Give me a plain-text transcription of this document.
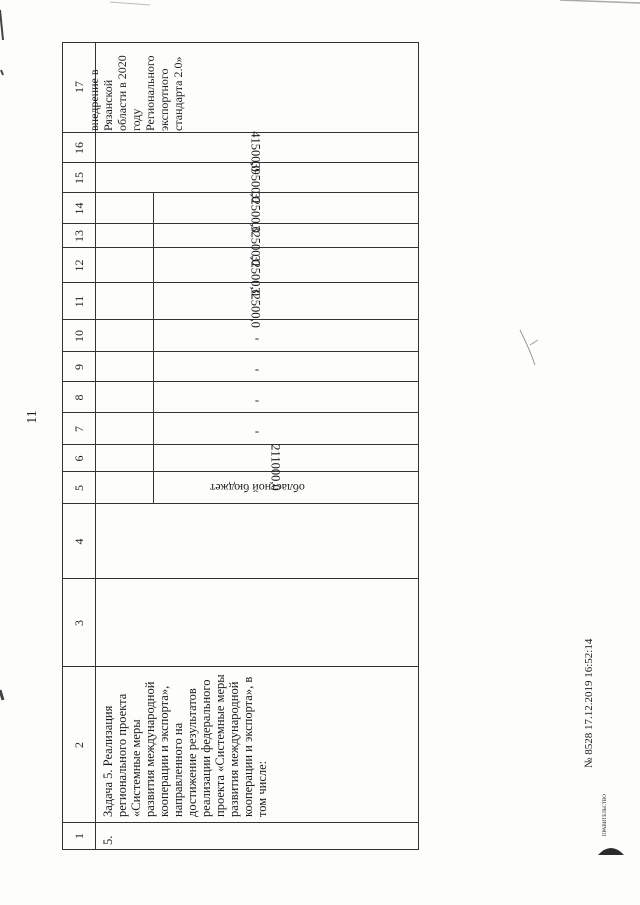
11
1
2
3
4
5
6
7
8
9
10
11
12
13
14
15
16
17
5.
Задача 5. Реализация регионального проекта «Системные меры развития международной кооперации и экспорта», направленного на достижение результатов реализации федерального проекта «Системные меры развития международной кооперации и экспорта», в том числе:
областной бюджет
211000,0
-
-
-
-
32500,0
32500,0
32500,0
32500,0
39500,0
41500,0
внедрение в Рязанской области в 2020 году Регионального экспортного стандарта 2.0»
№ 8528 17.12.2019 16:52:14
ПРАВИТЕЛЬСТВО
